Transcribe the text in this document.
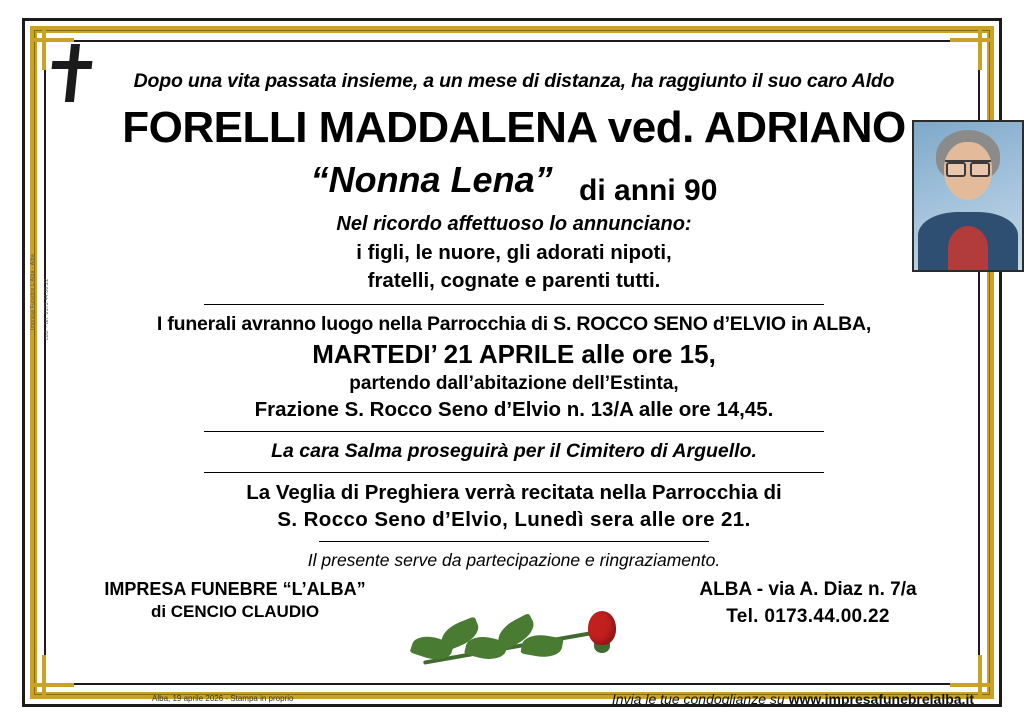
Impresa Funebre L’Alba - Alba cod. - tel. 0173.44.00.22
Dopo una vita passata insieme, a un mese di distanza, ha raggiunto il suo caro Aldo
FORELLI MADDALENA ved. ADRIANO
“Nonna Lena” di anni 90
Nel ricordo affettuoso lo annunciano:
i figli, le nuore, gli adorati nipoti,
fratelli, cognate e parenti tutti.
I funerali avranno luogo nella Parrocchia di S. ROCCO SENO d’ELVIO in ALBA,
MARTEDI’ 21 APRILE alle ore 15,
partendo dall’abitazione dell’Estinta,
Frazione S. Rocco Seno d’Elvio n. 13/A alle ore 14,45.
La cara Salma proseguirà per il Cimitero di Arguello.
La Veglia di Preghiera verrà recitata nella Parrocchia di
S. Rocco Seno d’Elvio, Lunedì sera alle ore 21.
Il presente serve da partecipazione e ringraziamento.
IMPRESA FUNEBRE “L’ALBA”
di CENCIO CLAUDIO
ALBA - via A. Diaz n. 7/a
Tel. 0173.44.00.22
Alba, 19 aprile 2026 - Stampa in proprio	Invia le tue condoglianze su www.impresafunebrelalba.it
